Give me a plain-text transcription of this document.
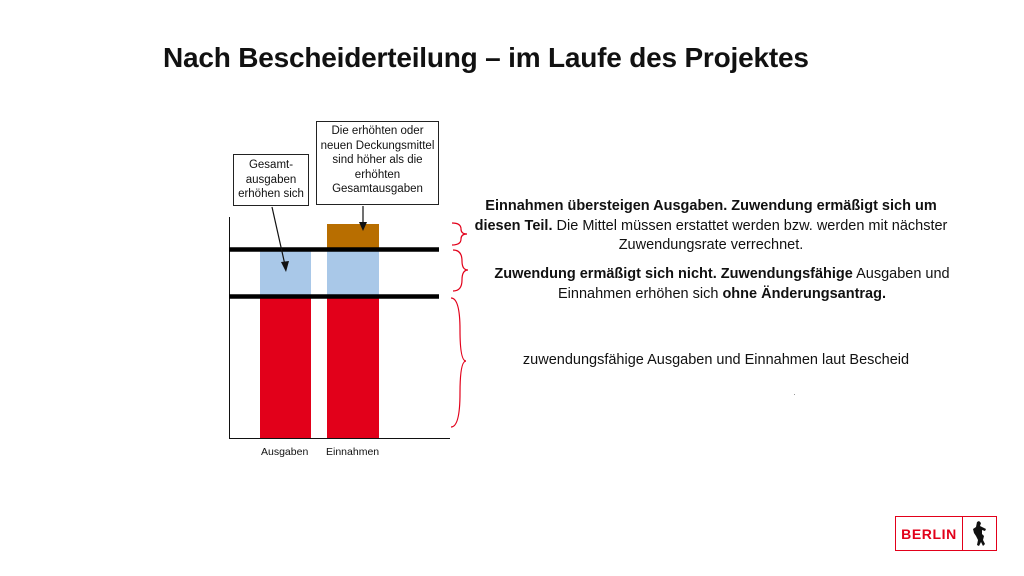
Nach Bescheiderteilung – im Laufe des Projektes
Gesamt-
ausgaben
erhöhen sich
Die erhöhten oder
neuen Deckungsmittel
sind höher als die
erhöhten
Gesamtausgaben
Ausgaben Einnahmen
Einnahmen übersteigen Ausgaben. Zuwendung ermäßigt sich um diesen Teil. Die Mittel müssen erstattet werden bzw. werden mit nächster Zuwendungsrate verrechnet.
Zuwendung ermäßigt sich nicht. Zuwendungsfähige Ausgaben und Einnahmen erhöhen sich ohne Änderungsantrag.
zuwendungsfähige Ausgaben und Einnahmen laut Bescheid
BERLIN
